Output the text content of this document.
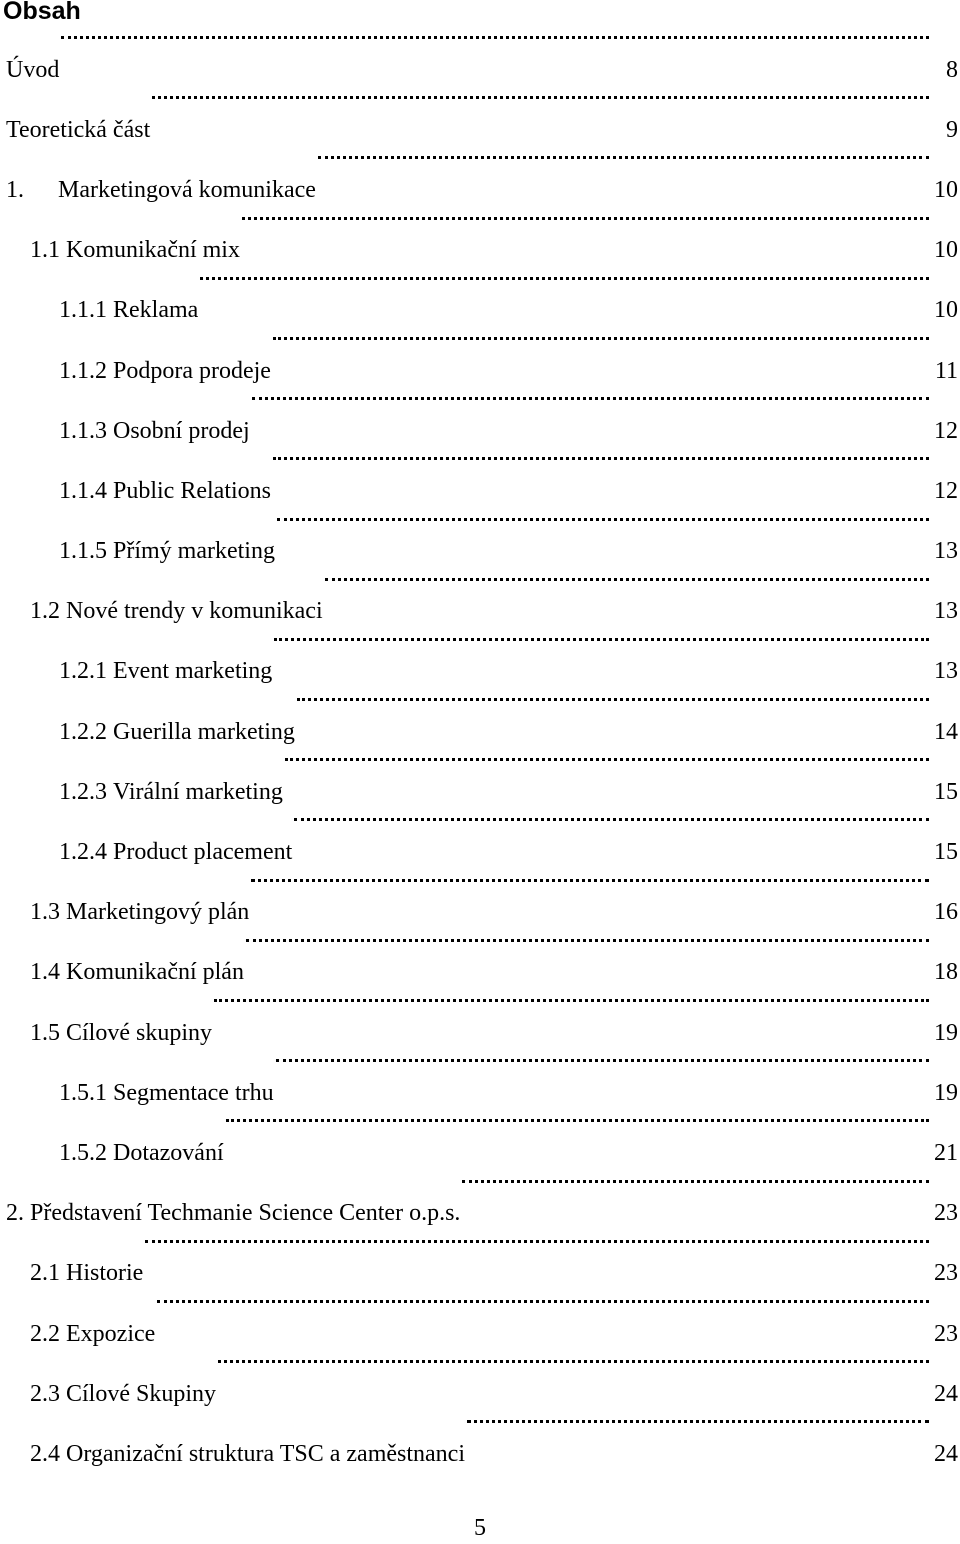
Obsah
Úvod	8
Teoretická část	9
1.	Marketingová komunikace	10
1.1 Komunikační mix	10
1.1.1 Reklama	10
1.1.2 Podpora prodeje	11
1.1.3 Osobní prodej	12
1.1.4 Public Relations	12
1.1.5 Přímý marketing	13
1.2 Nové trendy v komunikaci	13
1.2.1 Event marketing	13
1.2.2 Guerilla marketing	14
1.2.3 Virální marketing	15
1.2.4 Product placement	15
1.3 Marketingový plán	16
1.4 Komunikační plán	18
1.5 Cílové skupiny	19
1.5.1 Segmentace trhu	19
1.5.2 Dotazování	21
2. Představení Techmanie Science Center o.p.s.	23
2.1 Historie	23
2.2 Expozice	23
2.3 Cílové Skupiny	24
2.4 Organizační struktura TSC a zaměstnanci	24
5
